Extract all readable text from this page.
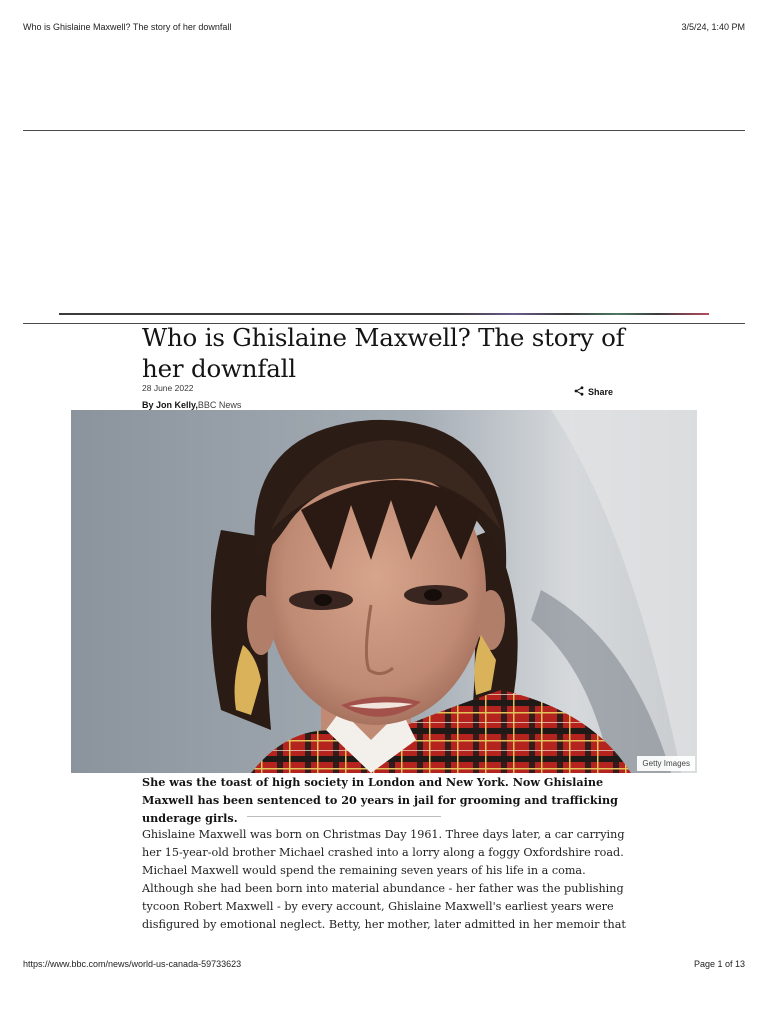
Who is Ghislaine Maxwell? The story of her downfall	3/5/24, 1:40 PM
Who is Ghislaine Maxwell? The story of her downfall
28 June 2022
By Jon Kelly,BBC News
Share
Getty Images

She was the toast of high society in London and New York. Now Ghislaine Maxwell has been sentenced to 20 years in jail for grooming and trafficking underage girls.

Ghislaine Maxwell was born on Christmas Day 1961. Three days later, a car carrying her 15-year-old brother Michael crashed into a lorry along a foggy Oxfordshire road. Michael Maxwell would spend the remaining seven years of his life in a coma. Although she had been born into material abundance - her father was the publishing tycoon Robert Maxwell - by every account, Ghislaine Maxwell's earliest years were disfigured by emotional neglect. Betty, her mother, later admitted in her memoir that

https://www.bbc.com/news/world-us-canada-59733623	Page 1 of 13
